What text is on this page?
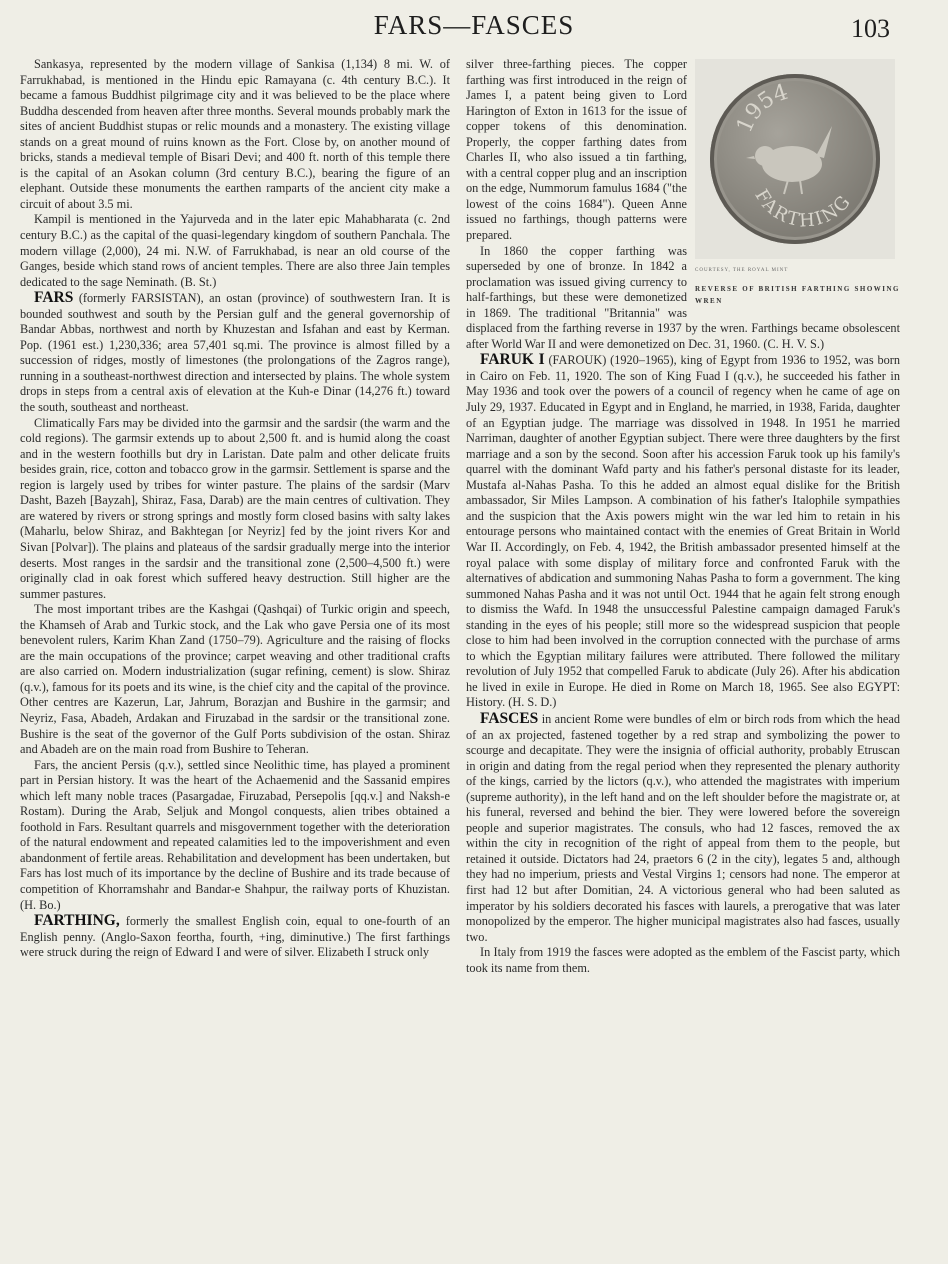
FARS—FASCES	103

Sankasya, represented by the modern village of Sankisa (1,134) 8 mi. W. of Farrukhabad, is mentioned in the Hindu epic Ramayana (c. 4th century B.C.). It became a famous Buddhist pilgrimage city and it was believed to be the place where Buddha descended from heaven after three months. Several mounds probably mark the sites of ancient Buddhist stupas or relic mounds and a monastery. The existing village stands on a great mound of ruins known as the Fort. Close by, on another mound of bricks, stands a medieval temple of Bisari Devi; and 400 ft. north of this temple there is the capital of an Asokan column (3rd century B.C.), bearing the figure of an elephant. Outside these monuments the earthen ramparts of the ancient city make a circuit of about 3.5 mi.

Kampil is mentioned in the Yajurveda and in the later epic Mahabharata (c. 2nd century B.C.) as the capital of the quasi-legendary kingdom of southern Panchala. The modern village (2,000), 24 mi. N.W. of Farrukhabad, is near an old course of the Ganges, beside which stand rows of ancient temples. There are also three Jain temples dedicated to the sage Neminath. (B. St.)

FARS (formerly FARSISTAN), an ostan (province) of southwestern Iran. It is bounded southwest and south by the Persian gulf and the general governorship of Bandar Abbas, northwest and north by Khuzestan and Isfahan and east by Kerman. Pop. (1961 est.) 1,230,336; area 57,401 sq.mi. The province is almost filled by a succession of ridges, mostly of limestones (the prolongations of the Zagros range), running in a southeast-northwest direction and intersected by plains. The whole system drops in steps from a central axis of elevation at the Kuh-e Dinar (14,276 ft.) toward the south, southeast and northeast.

Climatically Fars may be divided into the garmsir and the sardsir (the warm and the cold regions). The garmsir extends up to about 2,500 ft. and is humid along the coast and in the western foothills but dry in Laristan. Date palm and other delicate fruits besides grain, rice, cotton and tobacco grow in the garmsir. Settlement is sparse and the region is largely used by tribes for winter pasture. The plains of the sardsir (Marv Dasht, Bazeh [Bayzah], Shiraz, Fasa, Darab) are the main centres of cultivation. They are watered by rivers or strong springs and mostly form closed basins with salty lakes (Maharlu, below Shiraz, and Bakhtegan [or Neyriz] fed by the joint rivers Kor and Sivan [Polvar]). The plains and plateaus of the sardsir gradually merge into the interior deserts. Most ranges in the sardsir and the transitional zone (2,500–4,500 ft.) were originally clad in oak forest which suffered heavy destruction. Still higher are the summer pastures.

The most important tribes are the Kashgai (Qashqai) of Turkic origin and speech, the Khamseh of Arab and Turkic stock, and the Lak who gave Persia one of its most benevolent rulers, Karim Khan Zand (1750–79). Agriculture and the raising of flocks are the main occupations of the province; carpet weaving and other traditional crafts are also carried on. Modern industrialization (sugar refining, cement) is slow. Shiraz (q.v.), famous for its poets and its wine, is the chief city and the capital of the province. Other centres are Kazerun, Lar, Jahrum, Borazjan and Bushire in the garmsir; and Neyriz, Fasa, Abadeh, Ardakan and Firuzabad in the sardsir or the transitional zone. Bushire is the seat of the governor of the Gulf Ports subdivision of the ostan. Shiraz and Abadeh are on the main road from Bushire to Teheran.

Fars, the ancient Persis (q.v.), settled since Neolithic time, has played a prominent part in Persian history. It was the heart of the Achaemenid and the Sassanid empires which left many noble traces (Pasargadae, Firuzabad, Persepolis [qq.v.] and Naksh-e Rostam). During the Arab, Seljuk and Mongol conquests, alien tribes obtained a foothold in Fars. Resultant quarrels and misgovernment together with the deterioration of the natural endowment and repeated calamities led to the impoverishment and even abandonment of fertile areas. Rehabilitation and development has been undertaken, but Fars has lost much of its importance by the decline of Bushire and its trade because of competition of Khorramshahr and Bandar-e Shahpur, the railway ports of Khuzistan. (H. Bo.)

FARTHING, formerly the smallest English coin, equal to one-fourth of an English penny. (Anglo-Saxon feortha, fourth, +ing, diminutive.) The first farthings were struck during the reign of Edward I and were of silver. Elizabeth I struck only

1954
FARTHING
COURTESY, THE ROYAL MINT
REVERSE OF BRITISH FARTHING SHOWING WREN

silver three-farthing pieces. The copper farthing was first introduced in the reign of James I, a patent being given to Lord Harington of Exton in 1613 for the issue of copper tokens of this denomination. Properly, the copper farthing dates from Charles II, who also issued a tin farthing, with a central copper plug and an inscription on the edge, Nummorum famulus 1684 ("the lowest of the coins 1684"). Queen Anne issued no farthings, though patterns were prepared.

In 1860 the copper farthing was superseded by one of bronze. In 1842 a proclamation was issued giving currency to half-farthings, but these were demonetized in 1869. The traditional "Britannia" was displaced from the farthing reverse in 1937 by the wren. Farthings became obsolescent after World War II and were demonetized on Dec. 31, 1960. (C. H. V. S.)

FARUK I (FAROUK) (1920–1965), king of Egypt from 1936 to 1952, was born in Cairo on Feb. 11, 1920. The son of King Fuad I (q.v.), he succeeded his father in May 1936 and took over the powers of a council of regency when he came of age on July 29, 1937. Educated in Egypt and in England, he married, in 1938, Farida, daughter of an Egyptian judge. The marriage was dissolved in 1948. In 1951 he married Narriman, daughter of another Egyptian subject. There were three daughters by the first marriage and a son by the second. Soon after his accession Faruk took up his family's quarrel with the dominant Wafd party and his father's personal distaste for its leader, Mustafa al-Nahas Pasha. To this he added an almost equal dislike for the British ambassador, Sir Miles Lampson. A combination of his father's Italophile sympathies and the suspicion that the Axis powers might win the war led him to retain in his entourage persons who maintained contact with the enemies of Great Britain in World War II. Accordingly, on Feb. 4, 1942, the British ambassador presented himself at the royal palace with some display of military force and confronted Faruk with the alternatives of abdication and summoning Nahas Pasha to form a government. The king summoned Nahas Pasha and it was not until Oct. 1944 that he again felt strong enough to dismiss the Wafd. In 1948 the unsuccessful Palestine campaign damaged Faruk's standing in the eyes of his people; still more so the widespread suspicion that people close to him had been involved in the corruption connected with the purchase of arms to which the Egyptian military failures were attributed. There followed the military revolution of July 1952 that compelled Faruk to abdicate (July 26). After his abdication he lived in exile in Europe. He died in Rome on March 18, 1965. See also EGYPT: History. (H. S. D.)

FASCES in ancient Rome were bundles of elm or birch rods from which the head of an ax projected, fastened together by a red strap and symbolizing the power to scourge and decapitate. They were the insignia of official authority, probably Etruscan in origin and dating from the regal period when they represented the plenary authority of the kings, carried by the lictors (q.v.), who attended the magistrates with imperium (supreme authority), in the left hand and on the left shoulder before the magistrate or, at his funeral, reversed and behind the bier. They were lowered before the sovereign people and superior magistrates. The consuls, who had 12 fasces, removed the ax within the city in recognition of the right of appeal from them to the people, but retained it outside. Dictators had 24, praetors 6 (2 in the city), legates 5 and, although they had no imperium, priests and Vestal Virgins 1; censors had none. The emperor at first had 12 but after Domitian, 24. A victorious general who had been saluted as imperator by his soldiers decorated his fasces with laurels, a prerogative that was later monopolized by the emperor. The higher municipal magistrates also had fasces, usually two.

In Italy from 1919 the fasces were adopted as the emblem of the Fascist party, which took its name from them.
